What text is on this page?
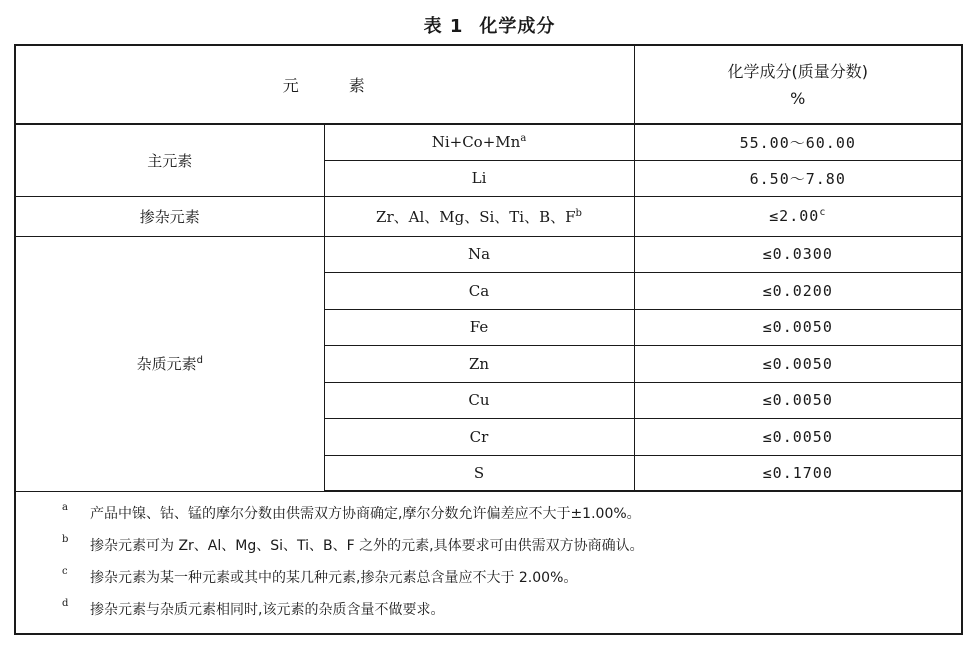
表 1 化学成分
元 素		化学成分(质量分数)
%

主元素	$Ni+Co+Mn^a$	55.00～60.00
	Li	6.50～7.80
掺杂元素	Zr、Al、Mg、Si、Ti、B、$F^b$	≤2.00$^c$
杂质元素$^d$	Na	≤0.0300
	Ca	≤0.0200
	Fe	≤0.0050
	Zn	≤0.0050
	Cu	≤0.0050
	Cr	≤0.0050
	S	≤0.1700
a 产品中镍、钴、锰的摩尔分数由供需双方协商确定,摩尔分数允许偏差应不大于±1.00%。
b 掺杂元素可为 Zr、Al、Mg、Si、Ti、B、F 之外的元素,具体要求可由供需双方协商确认。
c 掺杂元素为某一种元素或其中的某几种元素,掺杂元素总含量应不大于 2.00%。
d 掺杂元素与杂质元素相同时,该元素的杂质含量不做要求。
